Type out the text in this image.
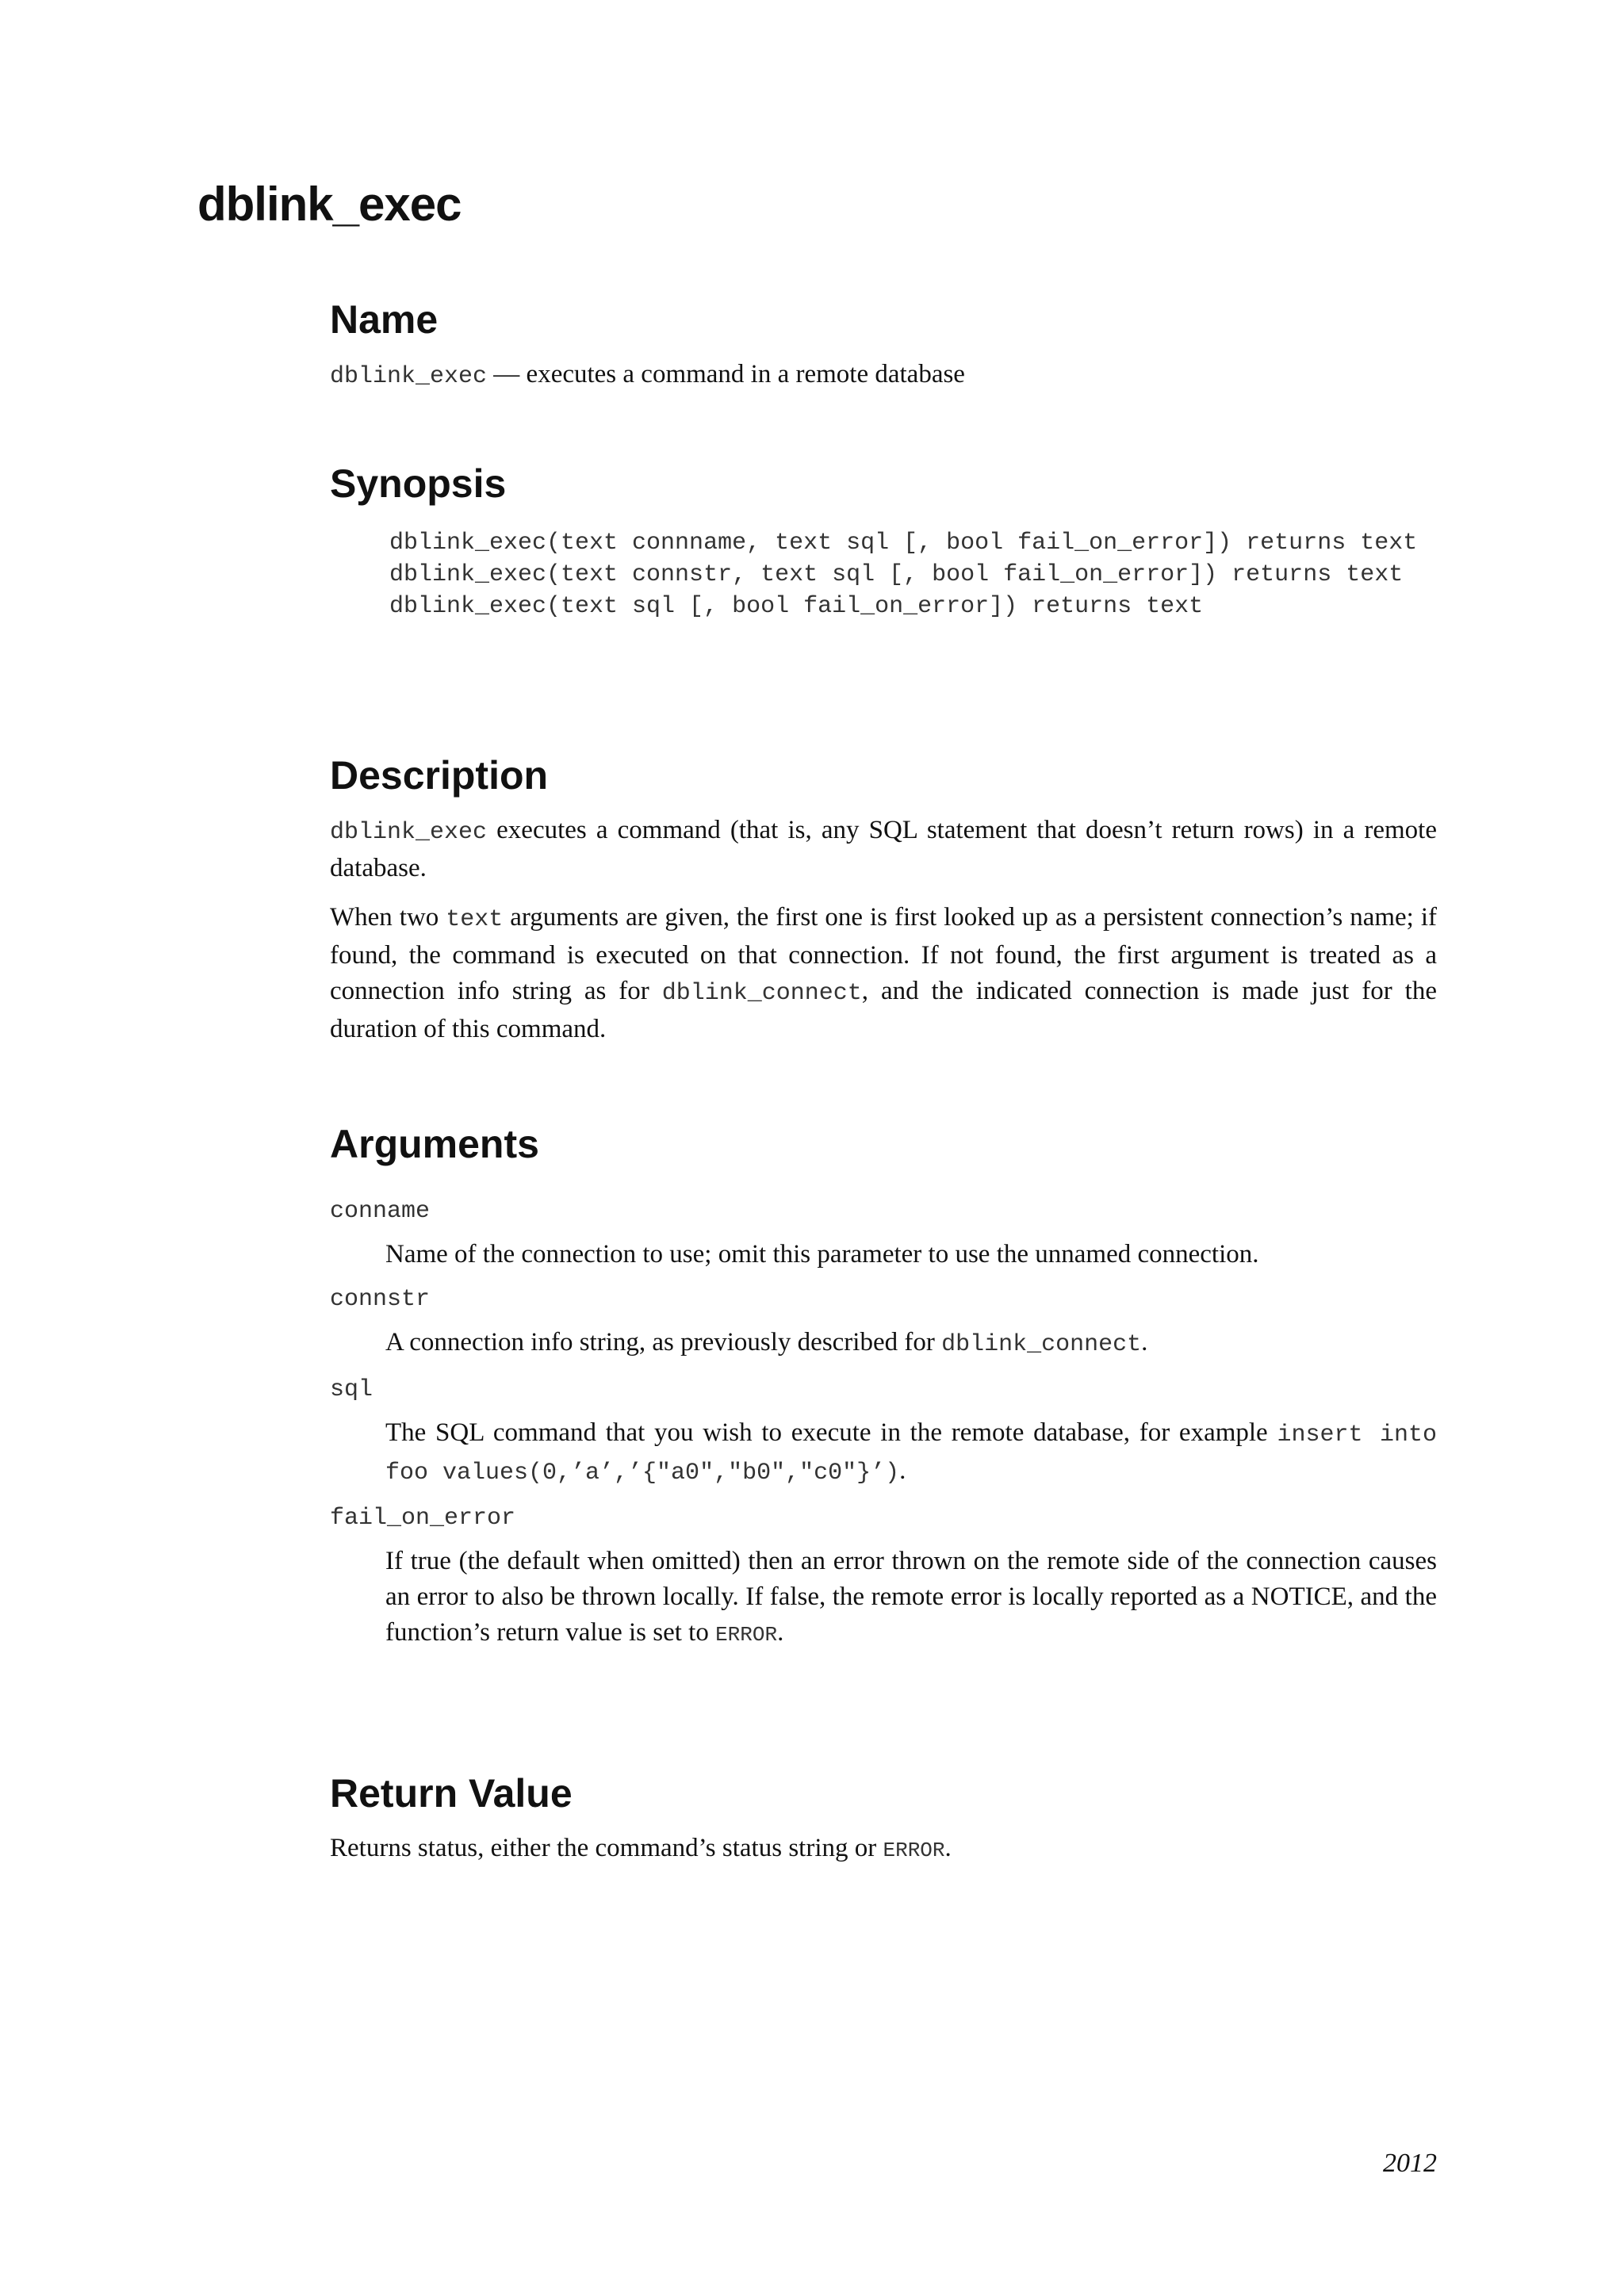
dblink_exec
Name

dblink_exec — executes a command in a remote database

Synopsis
dblink_exec(text connname, text sql [, bool fail_on_error]) returns text
dblink_exec(text connstr, text sql [, bool fail_on_error]) returns text
dblink_exec(text sql [, bool fail_on_error]) returns text
Description

dblink_exec executes a command (that is, any SQL statement that doesn’t return rows) in a remote database.

When two text arguments are given, the first one is first looked up as a persistent connection’s name; if found, the command is executed on that connection. If not found, the first argument is treated as a connection info string as for dblink_connect, and the indicated connection is made just for the duration of this command.

Arguments

conname

Name of the connection to use; omit this parameter to use the unnamed connection.

connstr

A connection info string, as previously described for dblink_connect.

sql

The SQL command that you wish to execute in the remote database, for example insert into foo values(0,’a’,’{"a0","b0","c0"}’).

fail_on_error

If true (the default when omitted) then an error thrown on the remote side of the connection causes an error to also be thrown locally. If false, the remote error is locally reported as a NOTICE, and the function’s return value is set to ERROR.

Return Value

Returns status, either the command’s status string or ERROR.

2012
